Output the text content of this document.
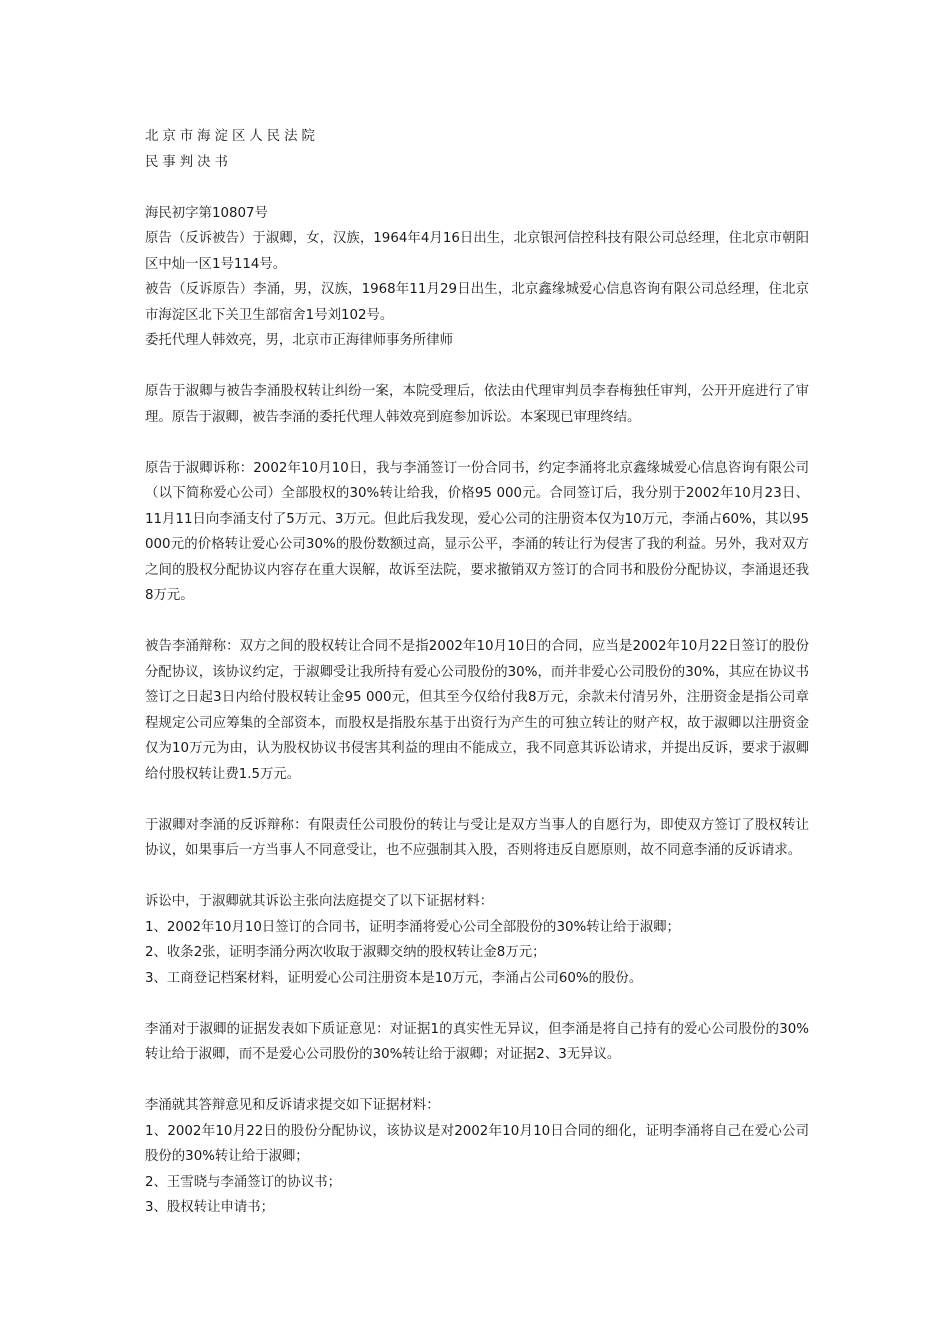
北京市海淀区人民法院

民事判决书

海民初字第10807号

原告（反诉被告）于淑卿，女，汉族，1964年4月16日出生，北京银河信控科技有限公司总经理，住北京市朝阳区中灿一区1号114号。

被告（反诉原告）李涌，男，汉族，1968年11月29日出生，北京鑫缘城爱心信息咨询有限公司总经理，住北京市海淀区北下关卫生部宿舍1号刘102号。

委托代理人韩效亮，男，北京市正海律师事务所律师

原告于淑卿与被告李涌股权转让纠纷一案，本院受理后，依法由代理审判员李春梅独任审判，公开开庭进行了审理。原告于淑卿，被告李涌的委托代理人韩效亮到庭参加诉讼。本案现已审理终结。

原告于淑卿诉称：2002年10月10日，我与李涌签订一份合同书，约定李涌将北京鑫缘城爱心信息咨询有限公司（以下简称爱心公司）全部股权的30%转让给我，价格95 000元。合同签订后，我分别于2002年10月23日、11月11日向李涌支付了5万元、3万元。但此后我发现，爱心公司的注册资本仅为10万元，李涌占60%，其以95 000元的价格转让爱心公司30%的股份数额过高，显示公平，李涌的转让行为侵害了我的利益。另外，我对双方之间的股权分配协议内容存在重大误解，故诉至法院，要求撤销双方签订的合同书和股份分配协议，李涌退还我8万元。

被告李涌辩称：双方之间的股权转让合同不是指2002年10月10日的合同，应当是2002年10月22日签订的股份分配协议，该协议约定，于淑卿受让我所持有爱心公司股份的30%，而并非爱心公司股份的30%，其应在协议书签订之日起3日内给付股权转让金95 000元，但其至今仅给付我8万元，余款未付清另外，注册资金是指公司章程规定公司应筹集的全部资本，而股权是指股东基于出资行为产生的可独立转让的财产权，故于淑卿以注册资金仅为10万元为由，认为股权协议书侵害其利益的理由不能成立，我不同意其诉讼请求，并提出反诉，要求于淑卿给付股权转让费1.5万元。

于淑卿对李涌的反诉辩称：有限责任公司股份的转让与受让是双方当事人的自愿行为，即使双方签订了股权转让协议，如果事后一方当事人不同意受让，也不应强制其入股，否则将违反自愿原则，故不同意李涌的反诉请求。

诉讼中，于淑卿就其诉讼主张向法庭提交了以下证据材料：

1、2002年10月10日签订的合同书，证明李涌将爱心公司全部股份的30%转让给于淑卿；

2、收条2张，证明李涌分两次收取于淑卿交纳的股权转让金8万元；

3、工商登记档案材料，证明爱心公司注册资本是10万元，李涌占公司60%的股份。

李涌对于淑卿的证据发表如下质证意见：对证据1的真实性无异议，但李涌是将自己持有的爱心公司股份的30%转让给于淑卿，而不是爱心公司股份的30%转让给于淑卿；对证据2、3无异议。

李涌就其答辩意见和反诉请求提交如下证据材料：

1、2002年10月22日的股份分配协议，该协议是对2002年10月10日合同的细化，证明李涌将自己在爱心公司股份的30%转让给于淑卿；

2、王雪晓与李涌签订的协议书；

3、股权转让申请书；
